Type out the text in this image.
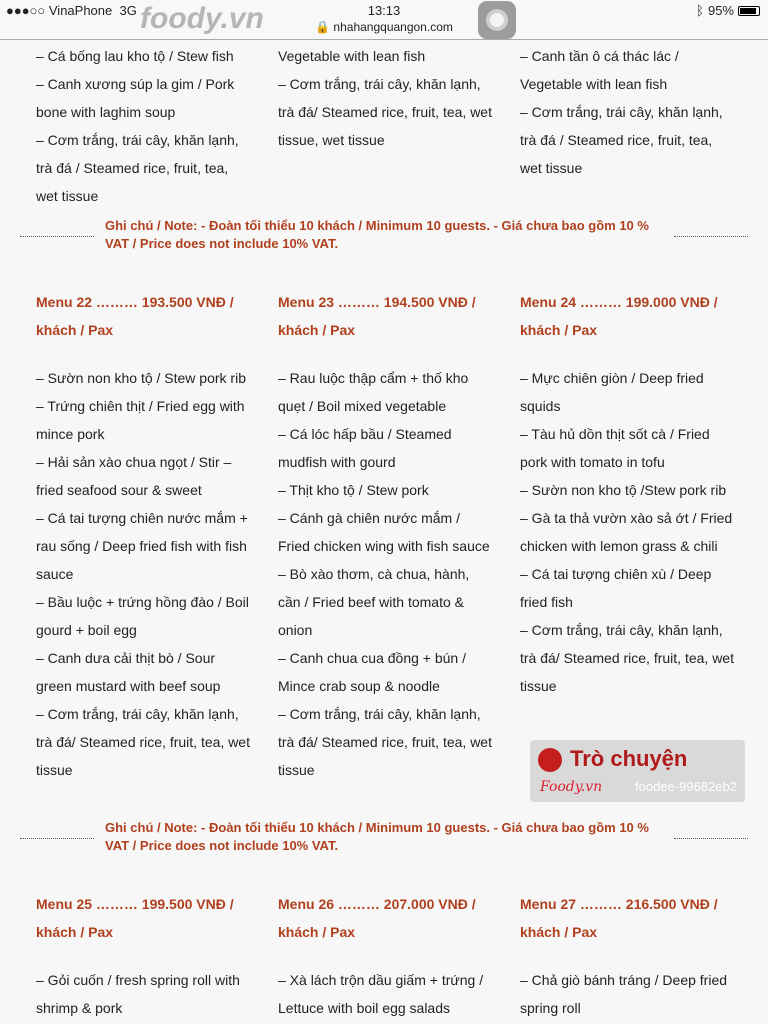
●●●○○ VinaPhone 3G foody.vn	13:13
🔒 nhahangquangon.com
ᛒ 95%

– Cá bống lau kho tộ / Stew fish

– Canh xương súp la gim / Pork bone with laghim soup

– Cơm trắng, trái cây, khăn lạnh, trà đá / Steamed rice, fruit, tea, wet tissue

Vegetable with lean fish

– Cơm trắng, trái cây, khăn lạnh, trà đá/ Steamed rice, fruit, tea, wet tissue, wet tissue

– Canh tần ô cá thác lác / Vegetable with lean fish

– Cơm trắng, trái cây, khăn lạnh, trà đá / Steamed rice, fruit, tea, wet tissue

Ghi chú / Note: - Đoàn tối thiểu 10 khách / Minimum 10 guests. - Giá chưa bao gồm 10 % VAT / Price does not include 10% VAT.
Menu 22 ……… 193.500 VNĐ / khách / Pax
Menu 23 ……… 194.500 VNĐ / khách / Pax
Menu 24 ……… 199.000 VNĐ / khách / Pax

– Sườn non kho tộ / Stew pork rib

– Trứng chiên thịt / Fried egg with mince pork

– Hải sản xào chua ngọt / Stir – fried seafood sour & sweet

– Cá tai tượng chiên nước mắm + rau sống / Deep fried fish with fish sauce

– Bầu luộc + trứng hồng đào / Boil gourd + boil egg

– Canh dưa cải thịt bò / Sour green mustard with beef soup

– Cơm trắng, trái cây, khăn lạnh, trà đá/ Steamed rice, fruit, tea, wet tissue

– Rau luộc thập cẩm + thố kho quẹt / Boil mixed vegetable

– Cá lóc hấp bầu / Steamed mudfish with gourd

– Thịt kho tộ / Stew pork

– Cánh gà chiên nước mắm / Fried chicken wing with fish sauce

– Bò xào thơm, cà chua, hành, cần / Fried beef with tomato & onion

– Canh chua cua đồng + bún / Mince crab soup & noodle

– Cơm trắng, trái cây, khăn lạnh, trà đá/ Steamed rice, fruit, tea, wet tissue

– Mực chiên giòn / Deep fried squids

– Tàu hủ dồn thịt sốt cà / Fried pork with tomato in tofu

– Sườn non kho tộ /Stew pork rib

– Gà ta thả vườn xào sả ớt / Fried chicken with lemon grass & chili

– Cá tai tượng chiên xù / Deep fried fish

– Cơm trắng, trái cây, khăn lạnh, trà đá/ Steamed rice, fruit, tea, wet tissue

Trò chuyện
Foody.vn	foodee-99682eb2
Ghi chú / Note: - Đoàn tối thiểu 10 khách / Minimum 10 guests. - Giá chưa bao gồm 10 % VAT / Price does not include 10% VAT.
Menu 25 ……… 199.500 VNĐ / khách / Pax
Menu 26 ……… 207.000 VNĐ / khách / Pax
Menu 27 ……… 216.500 VNĐ / khách / Pax

– Gỏi cuốn / fresh spring roll with shrimp & pork

– Xà lách trộn dầu giấm + trứng / Lettuce with boil egg salads

– Chả giò bánh tráng / Deep fried spring roll
